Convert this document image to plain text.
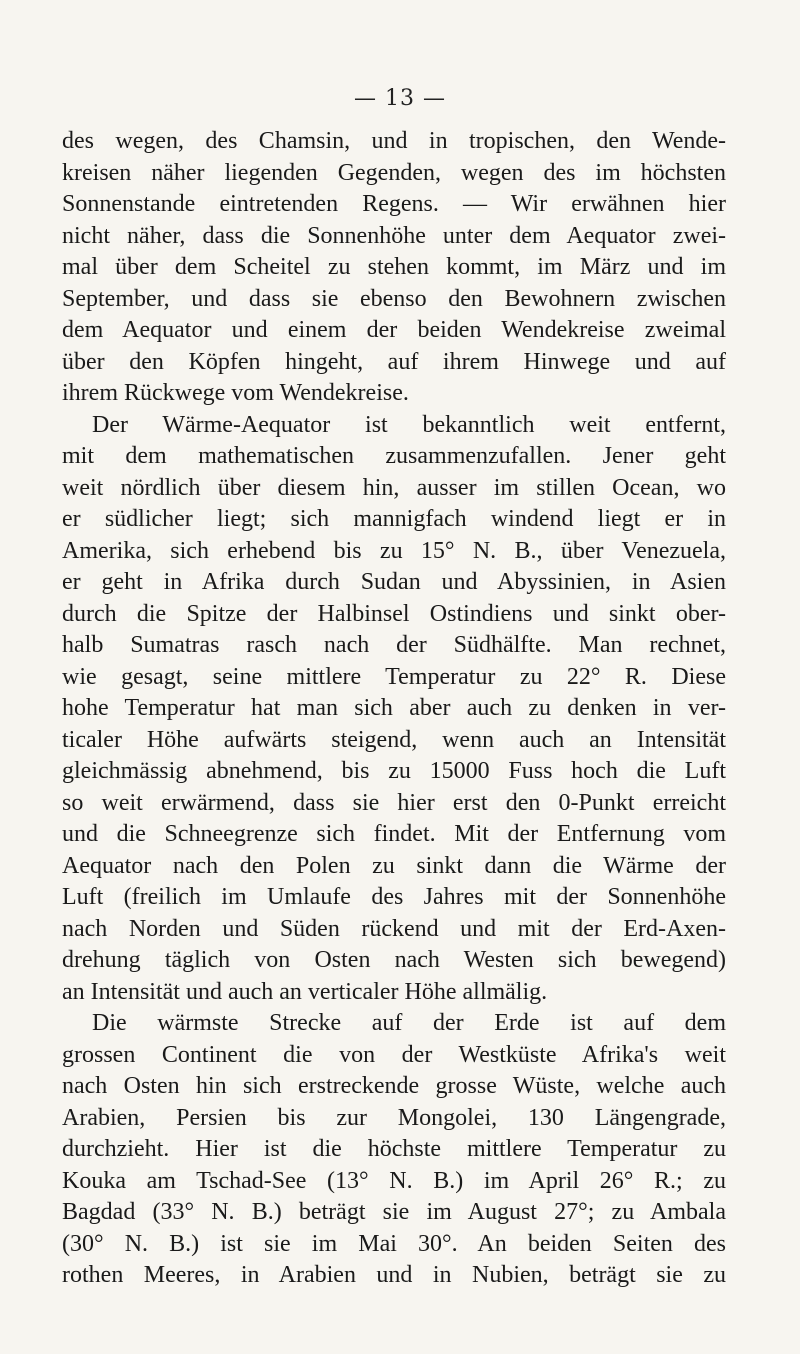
— 13 —
des wegen, des Chamsin, und in tropischen, den Wende-
kreisen näher liegenden Gegenden, wegen des im höchsten
Sonnenstande eintretenden Regens. — Wir erwähnen hier
nicht näher, dass die Sonnenhöhe unter dem Aequator zwei-
mal über dem Scheitel zu stehen kommt, im März und im
September, und dass sie ebenso den Bewohnern zwischen
dem Aequator und einem der beiden Wendekreise zweimal
über den Köpfen hingeht, auf ihrem Hinwege und auf
ihrem Rückwege vom Wendekreise.
Der Wärme-Aequator ist bekanntlich weit entfernt,
mit dem mathematischen zusammenzufallen. Jener geht
weit nördlich über diesem hin, ausser im stillen Ocean, wo
er südlicher liegt; sich mannigfach windend liegt er in
Amerika, sich erhebend bis zu 15° N. B., über Venezuela,
er geht in Afrika durch Sudan und Abyssinien, in Asien
durch die Spitze der Halbinsel Ostindiens und sinkt ober-
halb Sumatras rasch nach der Südhälfte. Man rechnet,
wie gesagt, seine mittlere Temperatur zu 22° R. Diese
hohe Temperatur hat man sich aber auch zu denken in ver-
ticaler Höhe aufwärts steigend, wenn auch an Intensität
gleichmässig abnehmend, bis zu 15000 Fuss hoch die Luft
so weit erwärmend, dass sie hier erst den 0-Punkt erreicht
und die Schneegrenze sich findet. Mit der Entfernung vom
Aequator nach den Polen zu sinkt dann die Wärme der
Luft (freilich im Umlaufe des Jahres mit der Sonnenhöhe
nach Norden und Süden rückend und mit der Erd-Axen-
drehung täglich von Osten nach Westen sich bewegend)
an Intensität und auch an verticaler Höhe allmälig.
Die wärmste Strecke auf der Erde ist auf dem
grossen Continent die von der Westküste Afrika's weit
nach Osten hin sich erstreckende grosse Wüste, welche auch
Arabien, Persien bis zur Mongolei, 130 Längengrade,
durchzieht. Hier ist die höchste mittlere Temperatur zu
Kouka am Tschad-See (13° N. B.) im April 26° R.; zu
Bagdad (33° N. B.) beträgt sie im August 27°; zu Ambala
(30° N. B.) ist sie im Mai 30°. An beiden Seiten des
rothen Meeres, in Arabien und in Nubien, beträgt sie zu
